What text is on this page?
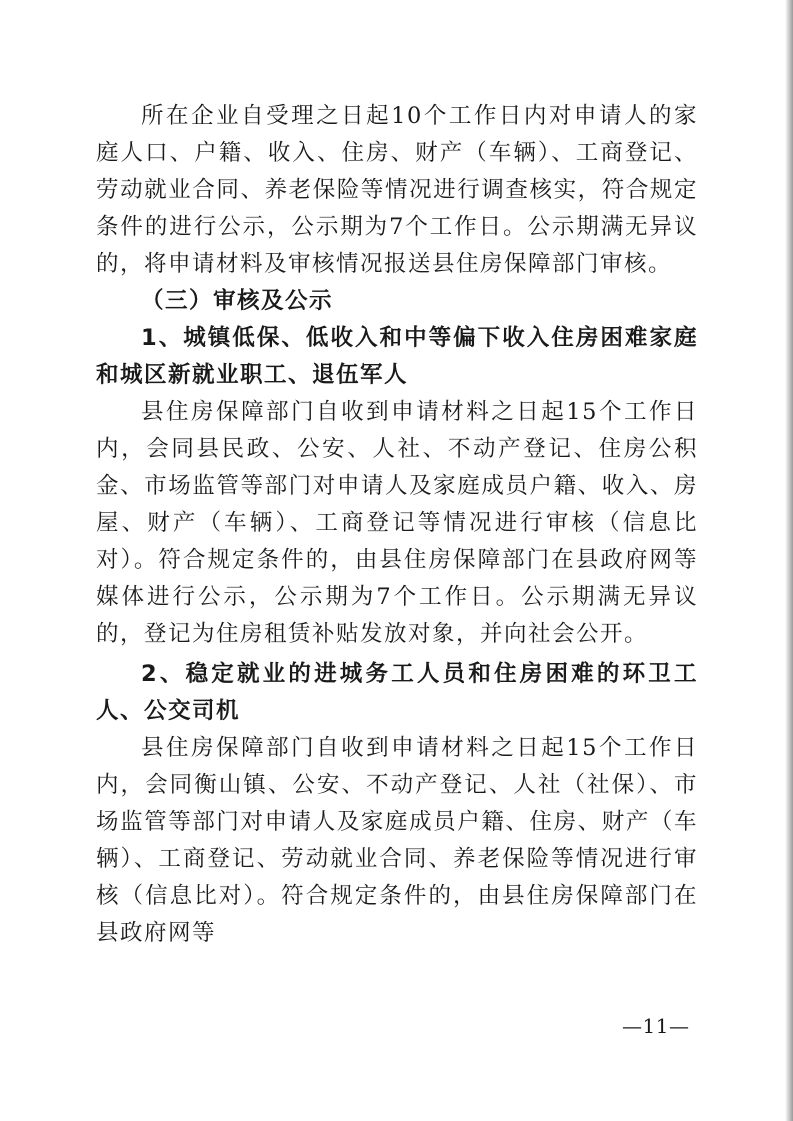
所在企业自受理之日起10个工作日内对申请人的家庭人口、户籍、收入、住房、财产（车辆）、工商登记、劳动就业合同、养老保险等情况进行调查核实，符合规定条件的进行公示，公示期为7个工作日。公示期满无异议的，将申请材料及审核情况报送县住房保障部门审核。

（三）审核及公示

1、城镇低保、低收入和中等偏下收入住房困难家庭和城区新就业职工、退伍军人

县住房保障部门自收到申请材料之日起15个工作日内，会同县民政、公安、人社、不动产登记、住房公积金、市场监管等部门对申请人及家庭成员户籍、收入、房屋、财产（车辆）、工商登记等情况进行审核（信息比对）。符合规定条件的，由县住房保障部门在县政府网等媒体进行公示，公示期为7个工作日。公示期满无异议的，登记为住房租赁补贴发放对象，并向社会公开。

2、稳定就业的进城务工人员和住房困难的环卫工人、公交司机

县住房保障部门自收到申请材料之日起15个工作日内，会同衡山镇、公安、不动产登记、人社（社保）、市场监管等部门对申请人及家庭成员户籍、住房、财产（车辆）、工商登记、劳动就业合同、养老保险等情况进行审核（信息比对）。符合规定条件的，由县住房保障部门在县政府网等

—11—
